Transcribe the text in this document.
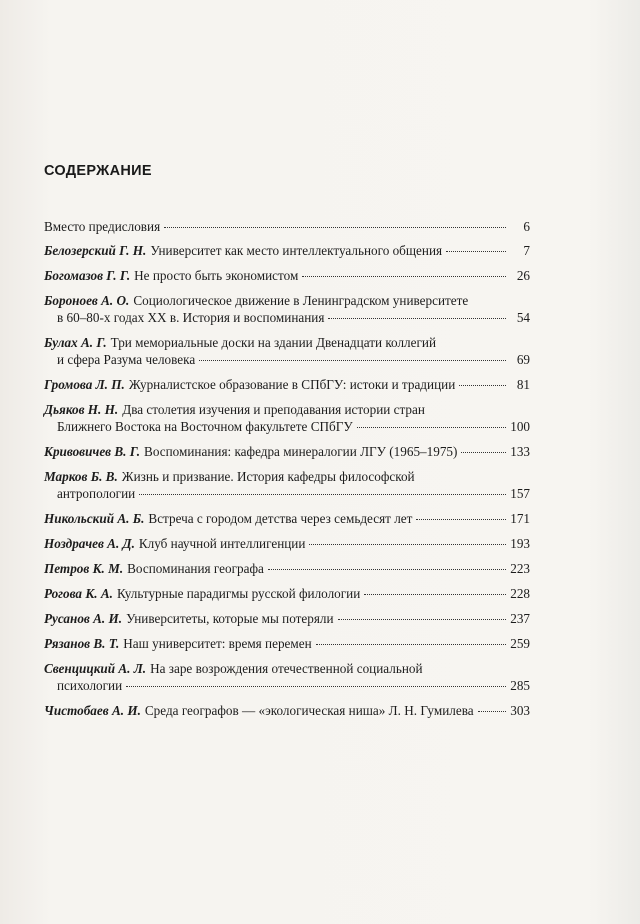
СОДЕРЖАНИЕ
Вместо предисловия	6
Белозерский Г. Н. Университет как место интеллектуального общения	7
Богомазов Г. Г. Не просто быть экономистом	26
Бороноев А. О. Социологическое движение в Ленинградском университете
в 60–80-х годах XX в. История и воспоминания	54
Булах А. Г. Три мемориальные доски на здании Двенадцати коллегий
и сфера Разума человека	69
Громова Л. П. Журналистское образование в СПбГУ: истоки и традиции	81
Дьяков Н. Н. Два столетия изучения и преподавания истории стран
Ближнего Востока на Восточном факультете СПбГУ	100
Кривовичев В. Г. Воспоминания: кафедра минералогии ЛГУ (1965–1975)	133
Марков Б. В. Жизнь и призвание. История кафедры философской
антропологии	157
Никольский А. Б. Встреча с городом детства через семьдесят лет	171
Ноздрачев А. Д. Клуб научной интеллигенции	193
Петров К. М. Воспоминания географа	223
Рогова К. А. Культурные парадигмы русской филологии	228
Русанов А. И. Университеты, которые мы потеряли	237
Рязанов В. Т. Наш университет: время перемен	259
Свенцицкий А. Л. На заре возрождения отечественной социальной
психологии	285
Чистобаев А. И. Среда географов — «экологическая ниша» Л. Н. Гумилева	303
